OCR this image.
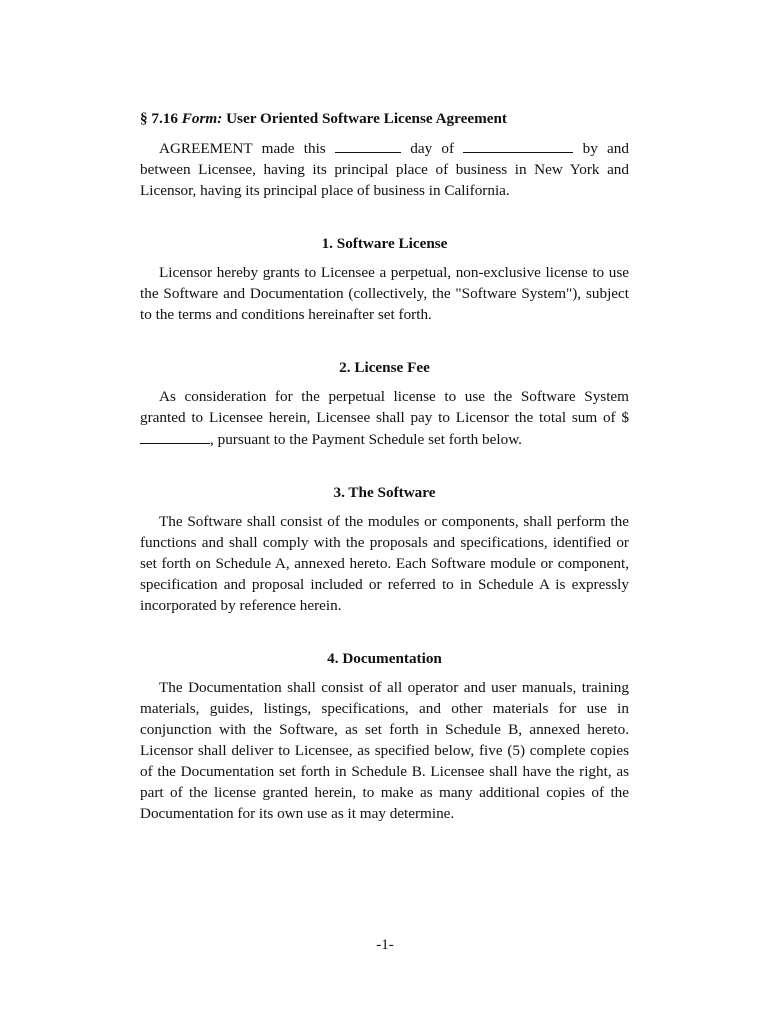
§ 7.16 Form: User Oriented Software License Agreement

AGREEMENT made this	day of	by and between Licensee, having its principal place of business in New York and Licensor, having its principal place of business in California.

1. Software License

Licensor hereby grants to Licensee a perpetual, non-exclusive license to use the Software and Documentation (collectively, the "Software System"), subject to the terms and conditions hereinafter set forth.

2. License Fee

As consideration for the perpetual license to use the Software System granted to Licensee herein, Licensee shall pay to Licensor the total sum of $, pursuant to the Payment Schedule set forth below.

3. The Software

The Software shall consist of the modules or components, shall perform the functions and shall comply with the proposals and specifications, identified or set forth on Schedule A, annexed hereto. Each Software module or component, specification and proposal included or referred to in Schedule A is expressly incorporated by reference herein.

4. Documentation

The Documentation shall consist of all operator and user manuals, training materials, guides, listings, specifications, and other materials for use in conjunction with the Software, as set forth in Schedule B, annexed hereto. Licensor shall deliver to Licensee, as specified below, five (5) complete copies of the Documentation set forth in Schedule B. Licensee shall have the right, as part of the license granted herein, to make as many additional copies of the Documentation for its own use as it may determine.

-1-
